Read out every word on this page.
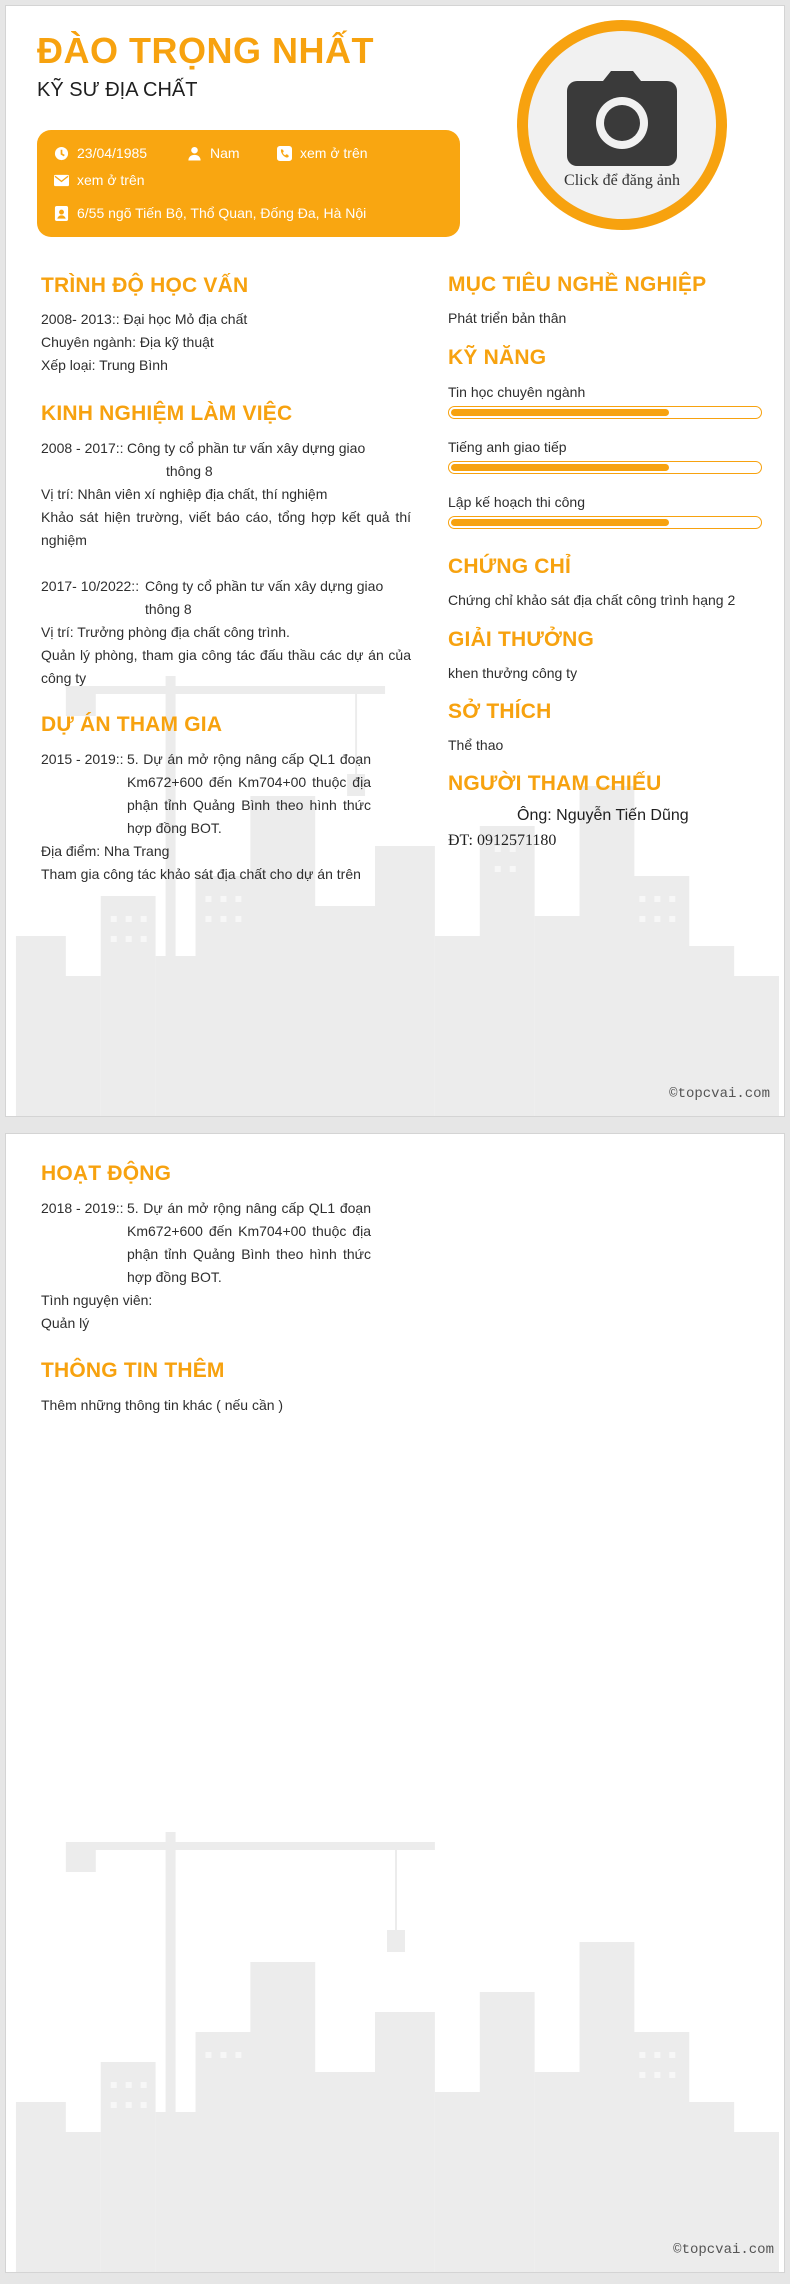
ĐÀO TRỌNG NHẤT
KỸ SƯ ĐỊA CHẤT
23/04/1985	Nam	xem ở trên
xem ở trên
6/55 ngõ Tiến Bộ, Thổ Quan, Đống Đa, Hà Nội
Click để đăng ảnh
TRÌNH ĐỘ HỌC VẤN
2008- 2013:: Đại học Mỏ địa chất
Chuyên ngành: Địa kỹ thuật
Xếp loại: Trung Bình
KINH NGHIỆM LÀM VIỆC
2008 - 2017:: Công ty cổ phần tư vấn xây dựng giao
thông 8
Vị trí: Nhân viên xí nghiệp địa chất, thí nghiệm
Khảo sát hiện trường, viết báo cáo, tổng hợp kết quả thí
nghiệm
2017- 10/2022:: Công ty cổ phần tư vấn xây dựng giao
thông 8
Vị trí: Trưởng phòng địa chất công trình.
Quản lý phòng, tham gia công tác đấu thầu các dự án của
công ty
DỰ ÁN THAM GIA
2015 - 2019:: 5. Dự án mở rộng nâng cấp QL1 đoạn
Km672+600 đến Km704+00 thuộc địa
phận tỉnh Quảng Bình theo hình thức
hợp đồng BOT.
Địa điểm: Nha Trang
Tham gia công tác khảo sát địa chất cho dự án trên
MỤC TIÊU NGHỀ NGHIỆP
Phát triển bản thân
KỸ NĂNG
Tin học chuyên ngành
Tiếng anh giao tiếp
Lập kế hoạch thi công
CHỨNG CHỈ
Chứng chỉ khảo sát địa chất công trình hạng 2
GIẢI THƯỞNG
khen thưởng công ty
SỞ THÍCH
Thể thao
NGƯỜI THAM CHIẾU
Ông: Nguyễn Tiến Dũng
ĐT: 0912571180
©topcvai.com
HOẠT ĐỘNG
2018 - 2019:: 5. Dự án mở rộng nâng cấp QL1 đoạn
Km672+600 đến Km704+00 thuộc địa
phận tỉnh Quảng Bình theo hình thức
hợp đồng BOT.
Tình nguyện viên:
Quản lý
THÔNG TIN THÊM
Thêm những thông tin khác ( nếu cần )
©topcvai.com
